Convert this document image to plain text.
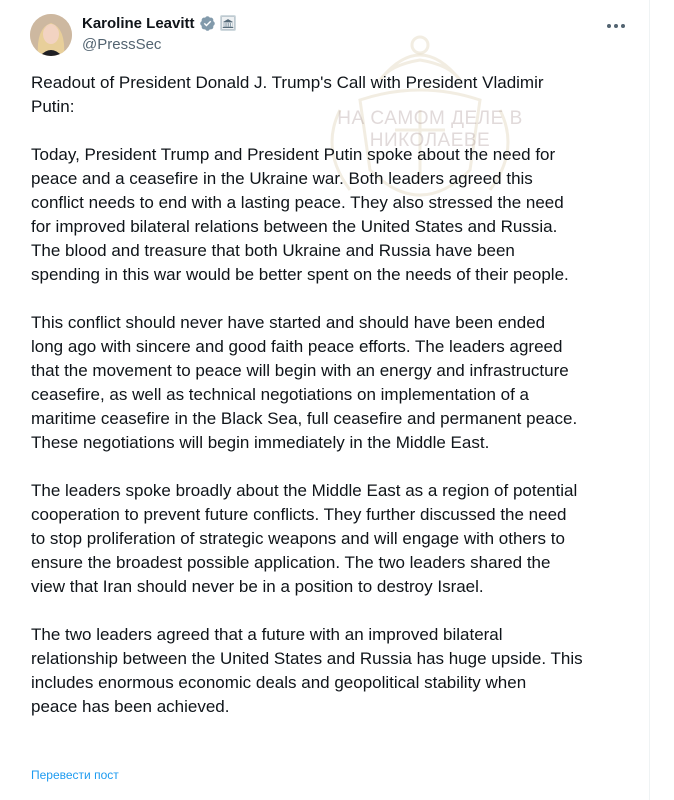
НА САМОМ ДЕЛЕ В
НИКОЛАЕВЕ
Karoline Leavitt
@PressSec

Readout of President Donald J. Trump's Call with President Vladimir
Putin:

Today, President Trump and President Putin spoke about the need for
peace and a ceasefire in the Ukraine war. Both leaders agreed this
conflict needs to end with a lasting peace. They also stressed the need
for improved bilateral relations between the United States and Russia.
The blood and treasure that both Ukraine and Russia have been
spending in this war would be better spent on the needs of their people.

This conflict should never have started and should have been ended
long ago with sincere and good faith peace efforts. The leaders agreed
that the movement to peace will begin with an energy and infrastructure
ceasefire, as well as technical negotiations on implementation of a
maritime ceasefire in the Black Sea, full ceasefire and permanent peace.
These negotiations will begin immediately in the Middle East.

The leaders spoke broadly about the Middle East as a region of potential
cooperation to prevent future conflicts. They further discussed the need
to stop proliferation of strategic weapons and will engage with others to
ensure the broadest possible application. The two leaders shared the
view that Iran should never be in a position to destroy Israel.

The two leaders agreed that a future with an improved bilateral
relationship between the United States and Russia has huge upside. This
includes enormous economic deals and geopolitical stability when
peace has been achieved.

Перевести пост
